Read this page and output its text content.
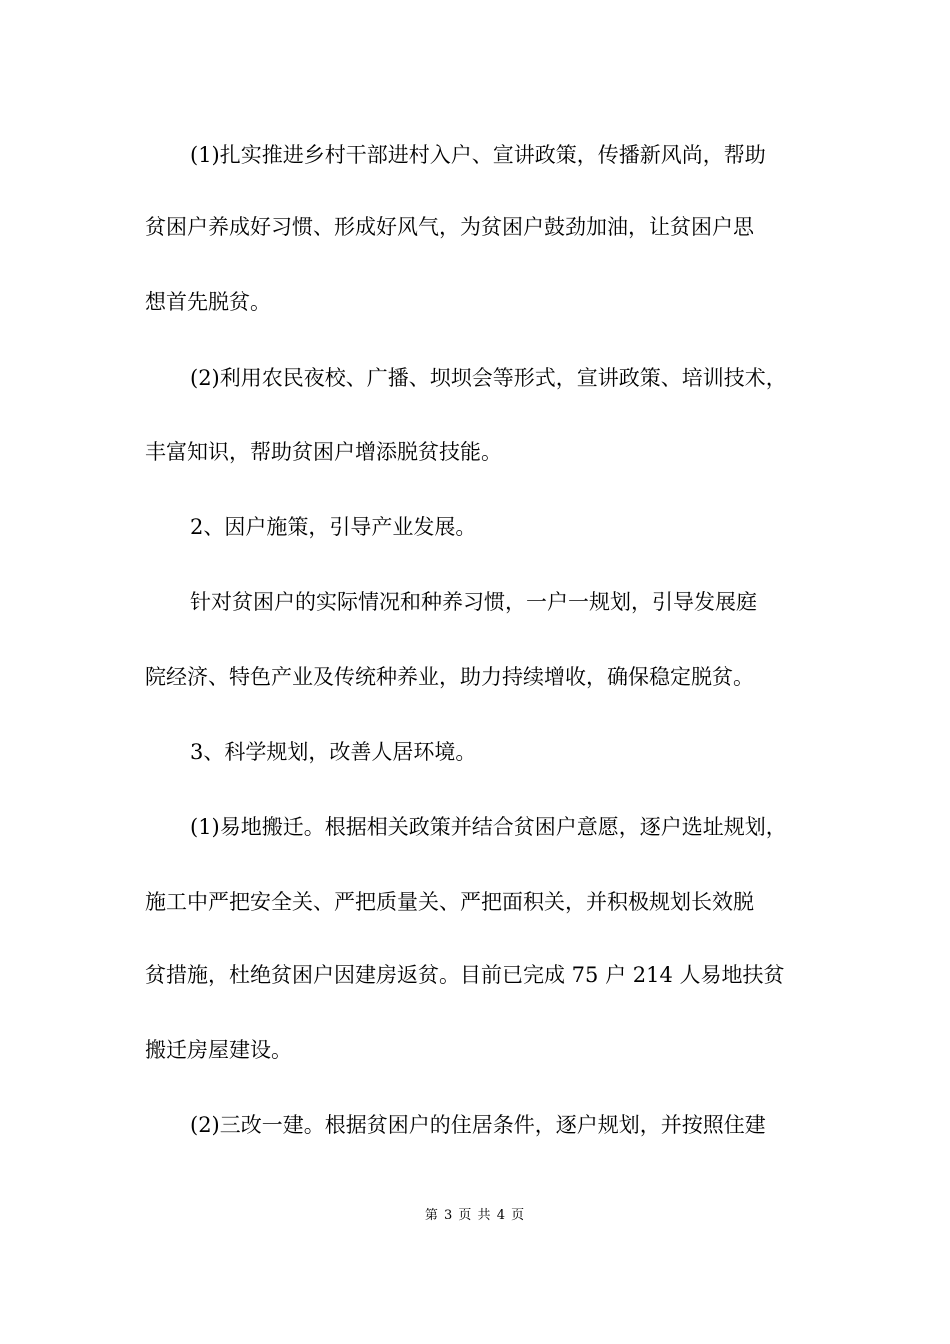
(1)扎实推进乡村干部进村入户、宣讲政策，传播新风尚，帮助
贫困户养成好习惯、形成好风气，为贫困户鼓劲加油，让贫困户思
想首先脱贫。
(2)利用农民夜校、广播、坝坝会等形式，宣讲政策、培训技术，
丰富知识，帮助贫困户增添脱贫技能。
2、因户施策，引导产业发展。
针对贫困户的实际情况和种养习惯，一户一规划，引导发展庭
院经济、特色产业及传统种养业，助力持续增收，确保稳定脱贫。
3、科学规划，改善人居环境。
(1)易地搬迁。根据相关政策并结合贫困户意愿，逐户选址规划，
施工中严把安全关、严把质量关、严把面积关，并积极规划长效脱
贫措施，杜绝贫困户因建房返贫。目前已完成 75 户 214 人易地扶贫
搬迁房屋建设。
(2)三改一建。根据贫困户的住居条件，逐户规划，并按照住建
第 3 页 共 4 页
